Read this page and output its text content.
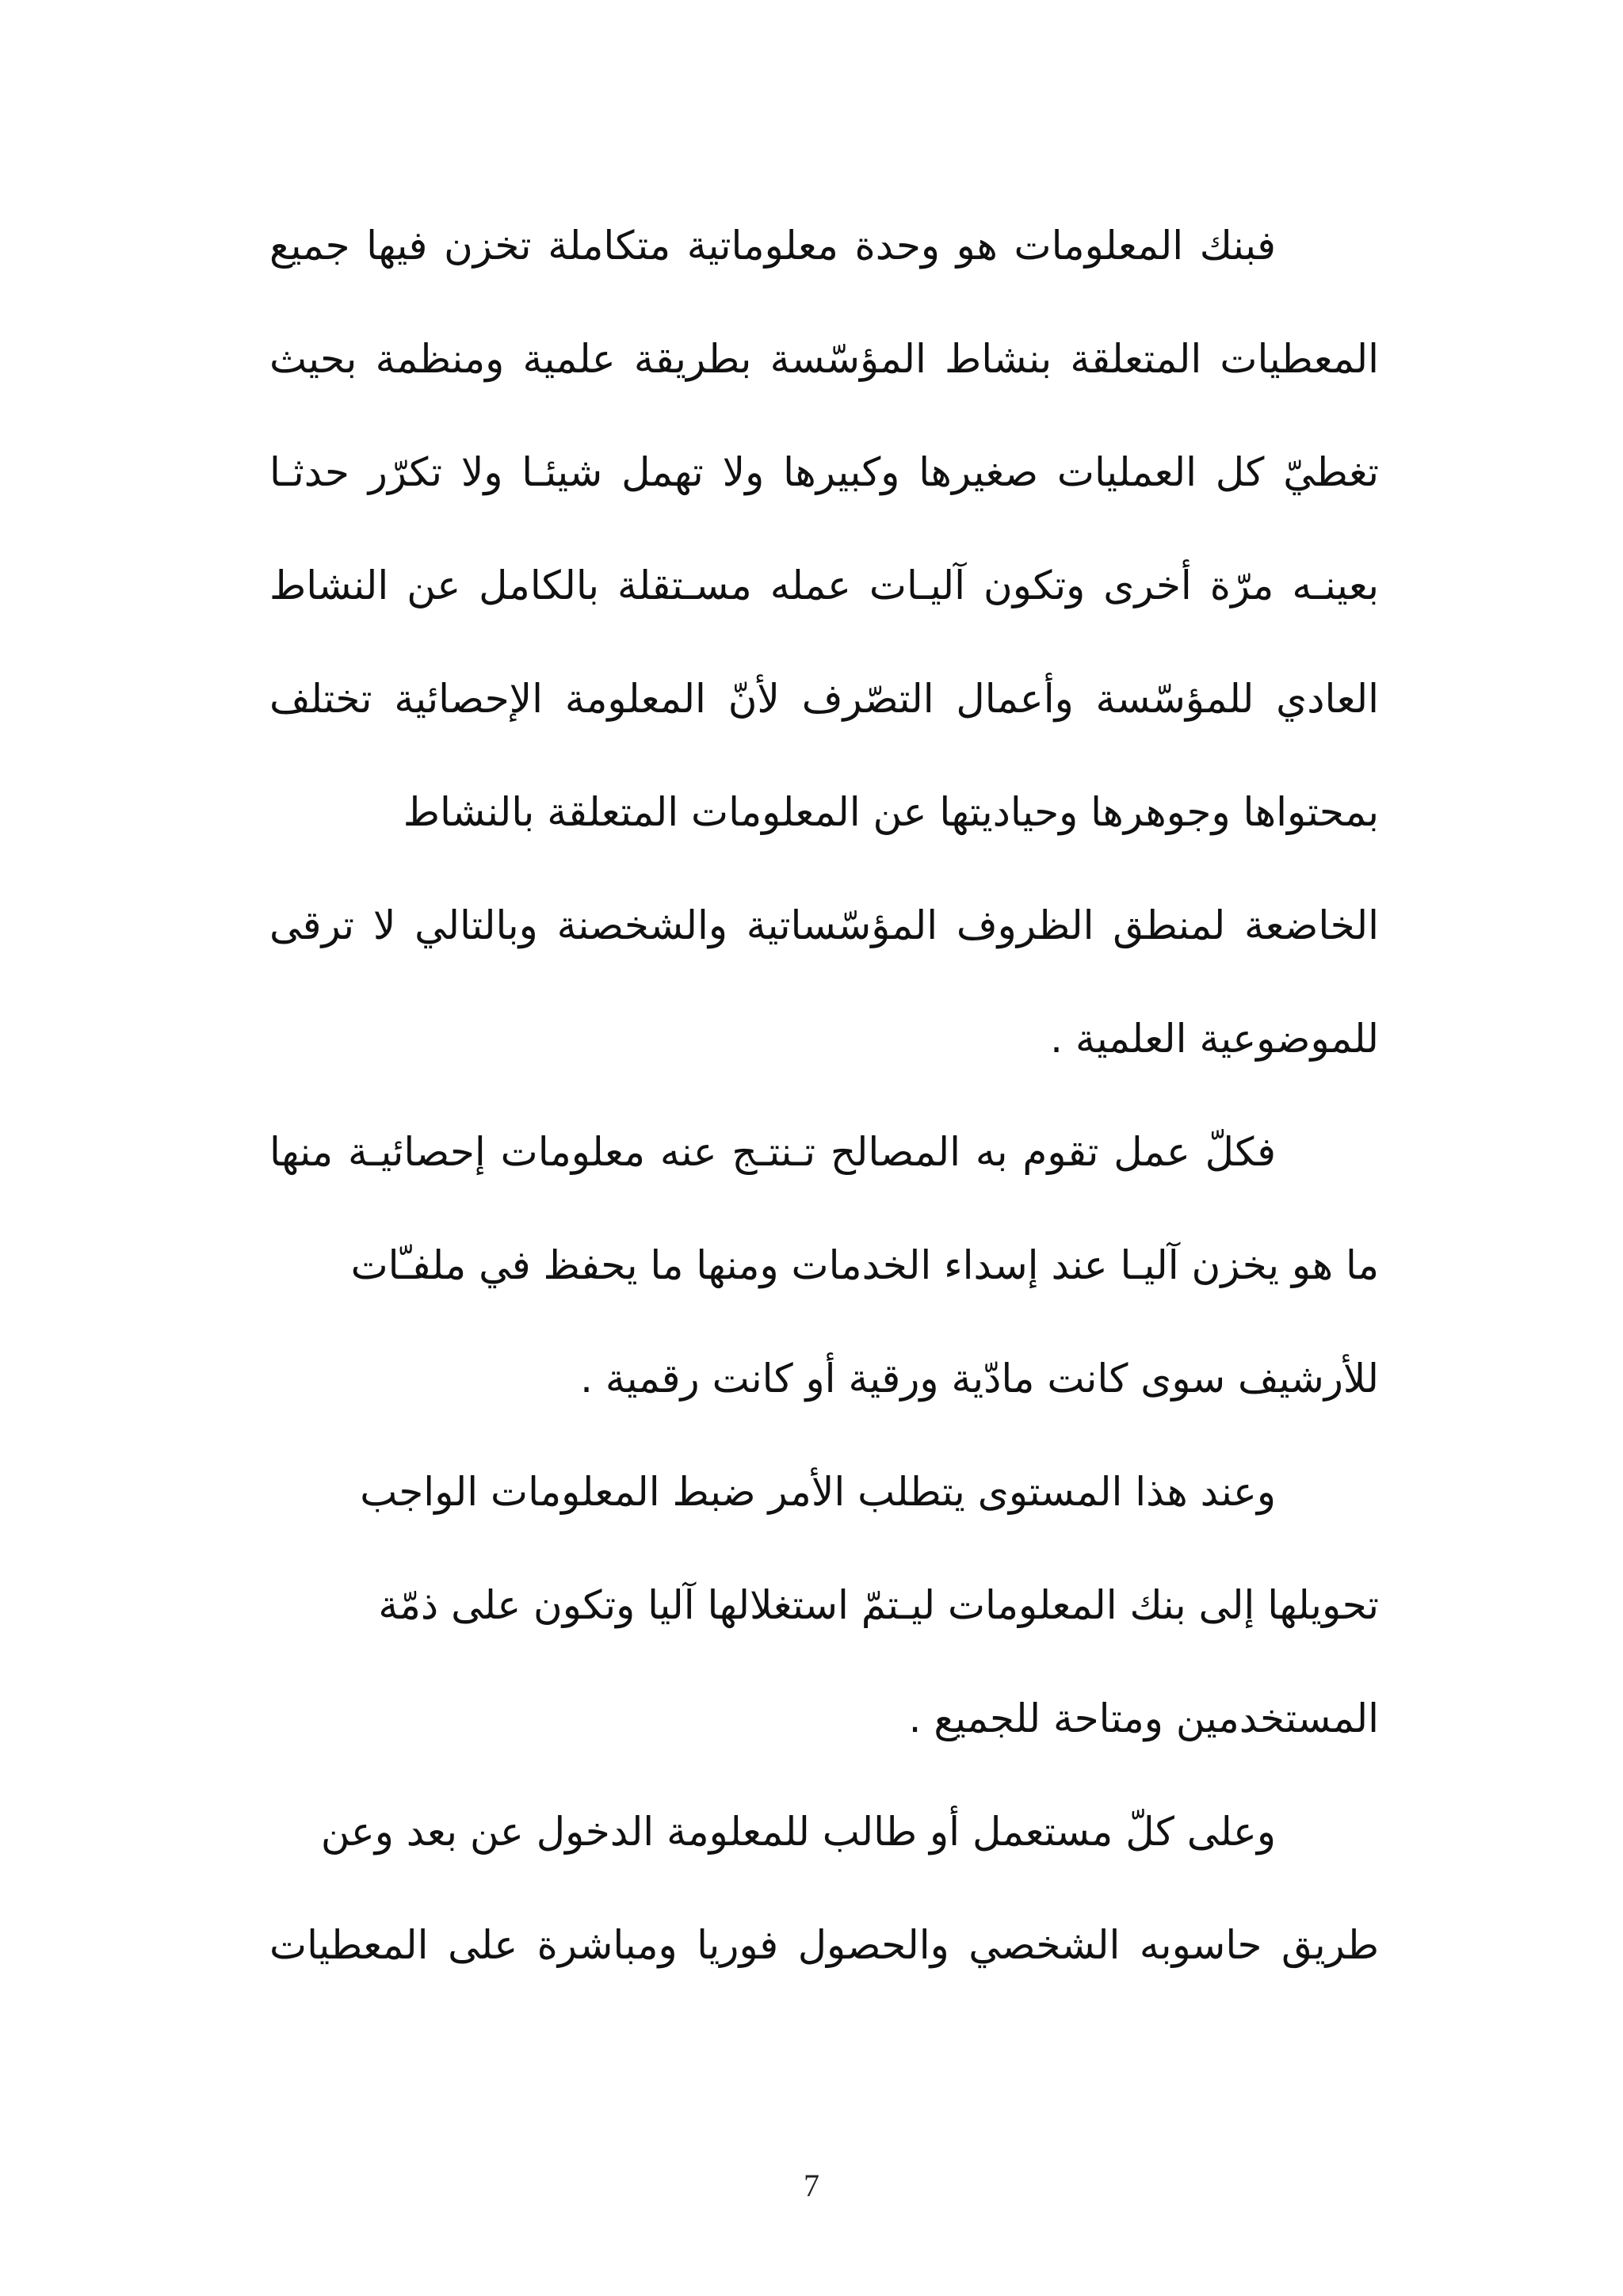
فبنك المعلومات هو وحدة معلوماتية متكاملة تخزن فيها جميع
المعطيات المتعلقة بنشاط المؤسّسة بطريقة علمية ومنظمة بحيث
تغطيّ كل العمليات صغيرها وكبيرها ولا تهمل شيئـا ولا تكرّر حدثـا
بعينـه مرّة أخرى وتكون آليـات عمله مسـتقلة بالكامل عن النشاط
العادي للمؤسّسة وأعمال التصّرف لأنّ المعلومة الإحصائية تختلف
بمحتواها وجوهرها وحياديتها عن المعلومات المتعلقة بالنشاط
الخاضعة لمنطق الظروف المؤسّساتية والشخصنة وبالتالي لا ترقى
للموضوعية العلمية .
فكلّ عمل تقوم به المصالح تـنتـج عنه معلومات إحصائيـة منها
ما هو يخزن آليـا عند إسداء الخدمات ومنها ما يحفظ في ملفـّات
للأرشيف سوى كانت مادّية ورقية أو كانت رقمية .
وعند هذا المستوى يتطلب الأمر ضبط المعلومات الواجب
تحويلها إلى بنك المعلومات ليـتمّ استغلالها آليا وتكون على ذمّة
المستخدمين ومتاحة للجميع .
وعلى كلّ مستعمل أو طالب للمعلومة الدخول عن بعد وعن
طريق حاسوبه الشخصي والحصول فوريا ومباشرة على المعطيات
7
